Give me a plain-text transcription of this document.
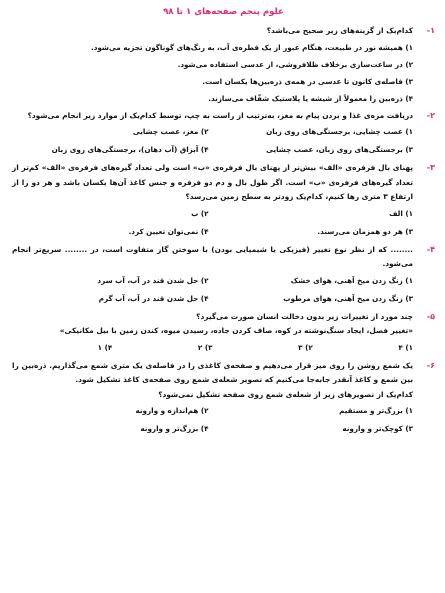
علوم پنجم صفحه‌های ۱ تا ۹۸
۱-
کدام‌یک از گزینه‌های زیر صحیح می‌باشد؟
۱) همیشه نور در طبیعت، هنگام عبور از یک قطره‌ی آب، به رنگ‌های گوناگون تجزیه می‌شود.
۲) در ساعت‌سازی برخلاف ظلافروشی، از عدسی استفاده می‌شود.
۳) فاصله‌ی کانون تا عدسی در همه‌ی ذره‌بین‌ها یکسان است.
۴) ذره‌بین را معمولاً از شیشه یا پلاستیک شفّاف می‌سازند.
۲-
دریافت مزه‌ی غذا و بردن پیام به مغز، به‌ترتیب از راست به چپ، توسط کدام‌یک از موارد زیر انجام می‌شود؟
۱) عصب چشایی، برجستگی‌های روی زبان
۲) مغز، عصب چشایی
۳) برجستگی‌های روی زبان، عصب چشایی
۴) آبزاق (آب دهان)، برجستگی‌های روی زبان
۳-
پهنای بال فرفره‌ی «الف» بیش‌تر از پهنای بال فرفره‌ی «ب» است ولی تعداد گیره‌های فرفره‌ی «الف» کم‌تر از تعداد گیره‌های فرفره‌ی «ب» است. اگر طول بال و دم دو فرفره و جنس کاغذ آن‌ها یکسان باشد و هر دو را از ارتفاع ۳ متری رها کنیم، کدام‌یک زودتر به سطح زمین می‌رسد؟
۱) الف
۲) ب
۳) هر دو همزمان می‌رسند.
۴) نمی‌توان تعیین کرد.
۴-
........ که از نظر نوع تغییر (فیزیکی یا شیمیایی بودن) با سوختن گاز متفاوت است، در ........ سریع‌تر انجام می‌شود.
۱) زنگ زدن میخ آهنی، هوای خشک
۲) حل شدن قند در آب، آب سرد
۳) زنگ زدن میخ آهنی، هوای مرطوب
۴) حل شدن قند در آب، آب گرم
۵-
چند مورد از تغییرات زیر بدون دخالت انسان صورت می‌گیرد؟
«تغییر فصل، ایجاد سنگ‌نوشته در کوه، صاف کردن جاده، رسیدن میوه، کندن زمین با بیل مکانیکی»
۱) ۴
۲) ۳
۳) ۲
۴) ۱
۶-
یک شمع روشن را روی میز قرار می‌دهیم و صفحه‌ی کاغذی را در فاصله‌ی یک متری شمع می‌گذاریم. ذره‌بین را بین شمع و کاغذ آنقدر جابه‌جا می‌کنیم که تصویر شعله‌ی شمع روی صفحه‌ی کاغذ تشکیل شود.
کدام‌یک از تصویرهای زیر از شعله‌ی شمع روی صفحه تشکیل نمی‌شود؟
۱) بزرگ‌تر و مستقیم
۲) هم‌اندازه و وارونه
۳) کوچک‌تر و وارونه
۴) بزرگ‌تر و وارونه
